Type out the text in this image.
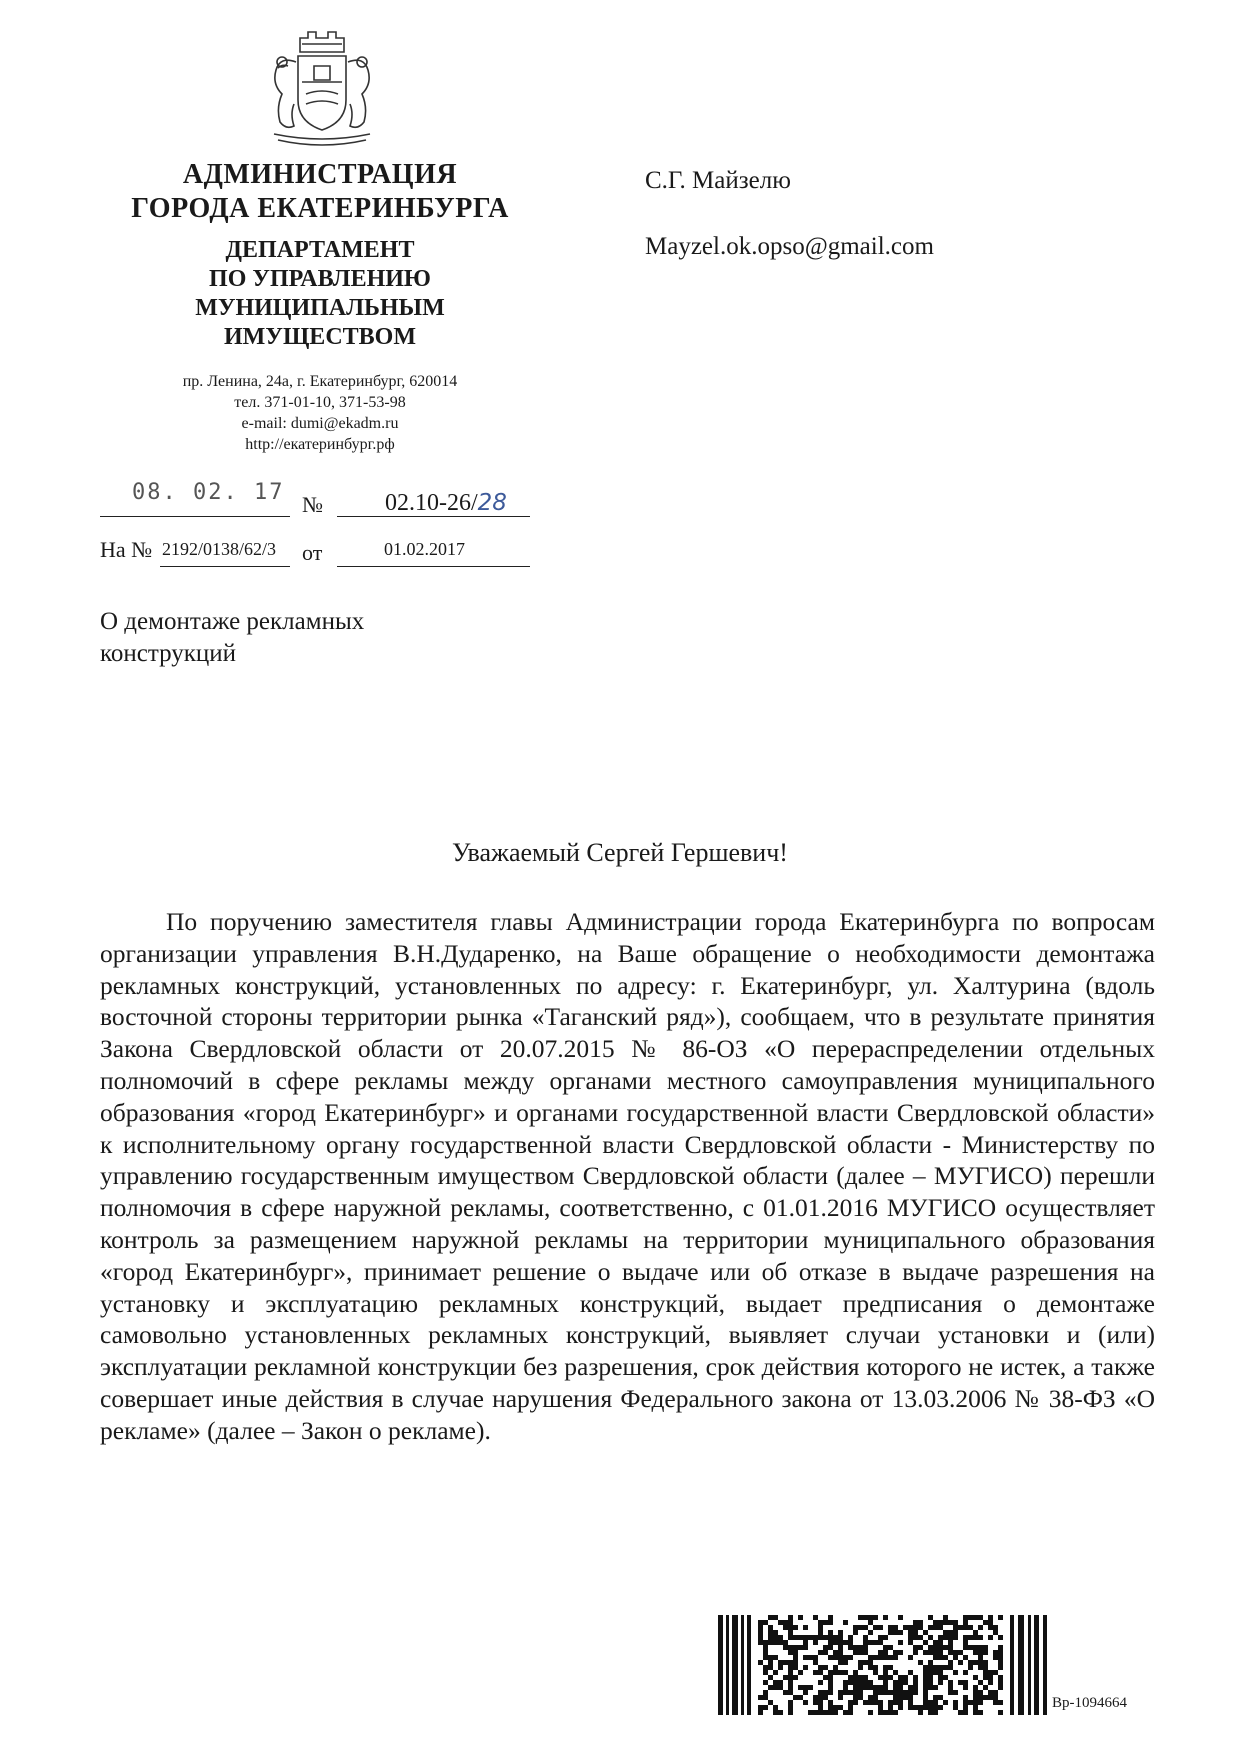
АДМИНИСТРАЦИЯ
ГОРОДА ЕКАТЕРИНБУРГА
ДЕПАРТАМЕНТ
ПО УПРАВЛЕНИЮ
МУНИЦИПАЛЬНЫМ
ИМУЩЕСТВОМ
пр. Ленина, 24а, г. Екатеринбург, 620014
тел. 371-01-10, 371-53-98
e-mail: dumi@ekadm.ru
http://екатеринбург.рф
С.Г. Майзелю
Mayzel.ok.opso@gmail.com
08. 02. 17 №	02.10-26/28
На № 2192/0138/62/3 от	01.02.2017
О демонтаже рекламных
конструкций
Уважаемый Сергей Гершевич!
По поручению заместителя главы Администрации города Екатеринбурга по вопросам организации управления В.Н.Дударенко, на Ваше обращение о необходимости демонтажа рекламных конструкций, установленных по адресу: г. Екатеринбург, ул. Халтурина (вдоль восточной стороны территории рынка «Таганский ряд»), сообщаем, что в результате принятия Закона Свердловской области от 20.07.2015 № 86-ОЗ «О перераспределении отдельных полномочий в сфере рекламы между органами местного самоуправления муниципального образования «город Екатеринбург» и органами государственной власти Свердловской области» к исполнительному органу государственной власти Свердловской области - Министерству по управлению государственным имуществом Свердловской области (далее – МУГИСО) перешли полномочия в сфере наружной рекламы, соответственно, с 01.01.2016 МУГИСО осуществляет контроль за размещением наружной рекламы на территории муниципального образования «город Екатеринбург», принимает решение о выдаче или об отказе в выдаче разрешения на установку и эксплуатацию рекламных конструкций, выдает предписания о демонтаже самовольно установленных рекламных конструкций, выявляет случаи установки и (или) эксплуатации рекламной конструкции без разрешения, срок действия которого не истек, а также совершает иные действия в случае нарушения Федерального закона от 13.03.2006 № 38-ФЗ «О рекламе» (далее – Закон о рекламе).
Вр-1094664
